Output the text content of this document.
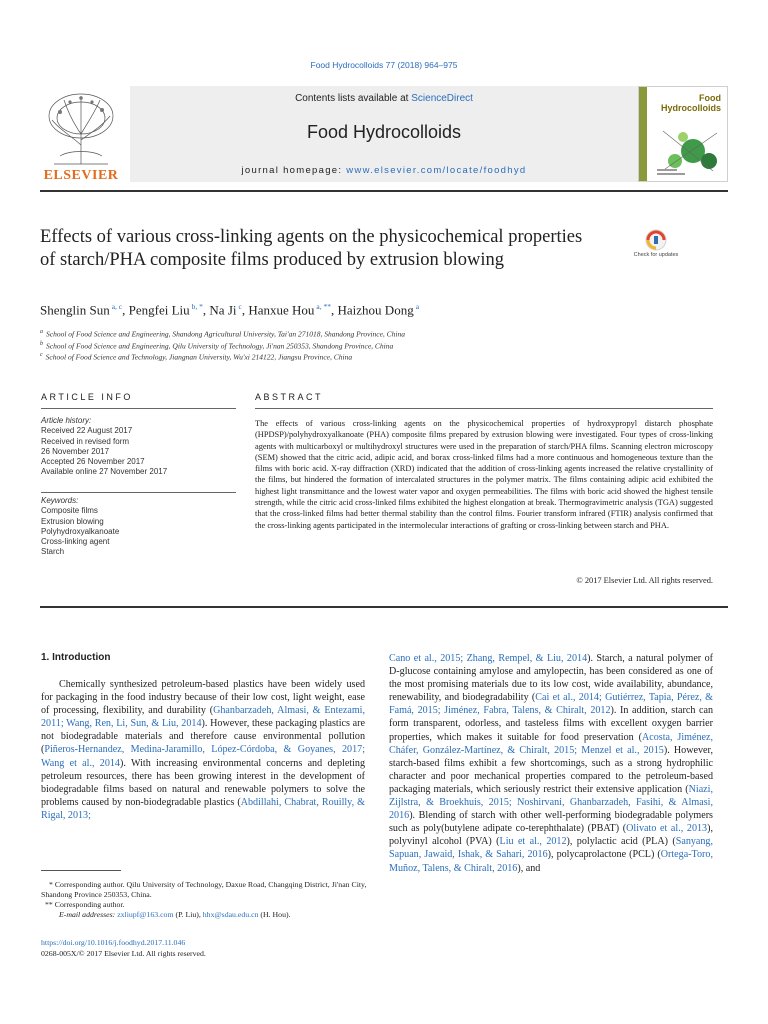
Food Hydrocolloids 77 (2018) 964–975
ELSEVIER
Contents lists available at ScienceDirect
Food Hydrocolloids
journal homepage: www.elsevier.com/locate/foodhyd
Food
Hydrocolloids
Effects of various cross-linking agents on the physicochemical properties of starch/PHA composite films produced by extrusion blowing	Check for updates
Shenglin Sun $^{a, c}$, Pengfei Liu $^{b, *}$, Na Ji $^c$, Hanxue Hou $^{a, **}$, Haizhou Dong $^a$
$^a$ School of Food Science and Engineering, Shandong Agricultural University, Tai'an 271018, Shandong Province, China
$^b$ School of Food Science and Engineering, Qilu University of Technology, Ji'nan 250353, Shandong Province, China
$^c$ School of Food Science and Technology, Jiangnan University, Wu'xi 214122, Jiangsu Province, China
ARTICLE INFO
Article history:
Received 22 August 2017
Received in revised form
26 November 2017
Accepted 26 November 2017
Available online 27 November 2017
Keywords:
Composite films
Extrusion blowing
Polyhydroxyalkanoate
Cross-linking agent
Starch
ABSTRACT
The effects of various cross-linking agents on the physicochemical properties of hydroxypropyl distarch phosphate (HPDSP)/polyhydroxyalkanoate (PHA) composite films prepared by extrusion blowing were investigated. Four types of cross-linking agents with multicarboxyl or multihydroxyl structures were used in the preparation of starch/PHA films. Scanning electron microscopy (SEM) showed that the citric acid, adipic acid, and borax cross-linked films had a more continuous and homogeneous texture than the films with boric acid. X-ray diffraction (XRD) indicated that the addition of cross-linking agents increased the relative crystallinity of the films, but hindered the formation of intercalated structures in the polymer matrix. The films containing adipic acid exhibited the highest light transmittance and the lowest water vapor and oxygen permeabilities. The films with boric acid showed the highest tensile strength, while the citric acid cross-linked films exhibited the highest elongation at break. Thermogravimetric analysis (TGA) suggested that the cross-linked films had better thermal stability than the control films. Fourier transform infrared (FTIR) analysis confirmed that the cross-linking agents participated in the intermolecular interactions of grafting or cross-linking between starch and PHA.
© 2017 Elsevier Ltd. All rights reserved.
1. Introduction
Chemically synthesized petroleum-based plastics have been widely used for packaging in the food industry because of their low cost, light weight, ease of processing, flexibility, and durability (Ghanbarzadeh, Almasi, & Entezami, 2011; Wang, Ren, Li, Sun, & Liu, 2014). However, these packaging plastics are not biodegradable materials and therefore cause environmental pollution (Piñeros-Hernandez, Medina-Jaramillo, López-Córdoba, & Goyanes, 2017; Wang et al., 2014). With increasing environmental concerns and depleting petroleum resources, there has been growing interest in the development of biodegradable films based on natural and renewable polymers to solve the problems caused by non-biodegradable plastics (Abdillahi, Chabrat, Rouilly, & Rigal, 2013;
Cano et al., 2015; Zhang, Rempel, & Liu, 2014). Starch, a natural polymer of D-glucose containing amylose and amylopectin, has been considered as one of the most promising materials due to its low cost, wide availability, abundance, renewability, and biodegradability (Cai et al., 2014; Gutiérrez, Tapia, Pérez, & Famá, 2015; Jiménez, Fabra, Talens, & Chiralt, 2012). In addition, starch can form transparent, odorless, and tasteless films with excellent oxygen barrier properties, which makes it suitable for food preservation (Acosta, Jiménez, Cháfer, González-Martínez, & Chiralt, 2015; Menzel et al., 2015). However, starch-based films exhibit a few shortcomings, such as a strong hydrophilic character and poor mechanical properties compared to the petroleum-based packaging materials, which seriously restrict their extensive application (Niazi, Zijlstra, & Broekhuis, 2015; Noshirvani, Ghanbarzadeh, Fasihi, & Almasi, 2016). Blending of starch with other well-performing biodegradable polymers such as poly(butylene adipate co-terephthalate) (PBAT) (Olivato et al., 2013), polyvinyl alcohol (PVA) (Liu et al., 2012), polylactic acid (PLA) (Sanyang, Sapuan, Jawaid, Ishak, & Sahari, 2016), polycaprolactone (PCL) (Ortega-Toro, Muñoz, Talens, & Chiralt, 2016), and
* Corresponding author. Qilu University of Technology, Daxue Road, Changqing District, Ji'nan City, Shandong Province 250353, China.
** Corresponding author.
E-mail addresses: zxliupf@163.com (P. Liu), hhx@sdau.edu.cn (H. Hou).
https://doi.org/10.1016/j.foodhyd.2017.11.046
0268-005X/© 2017 Elsevier Ltd. All rights reserved.
